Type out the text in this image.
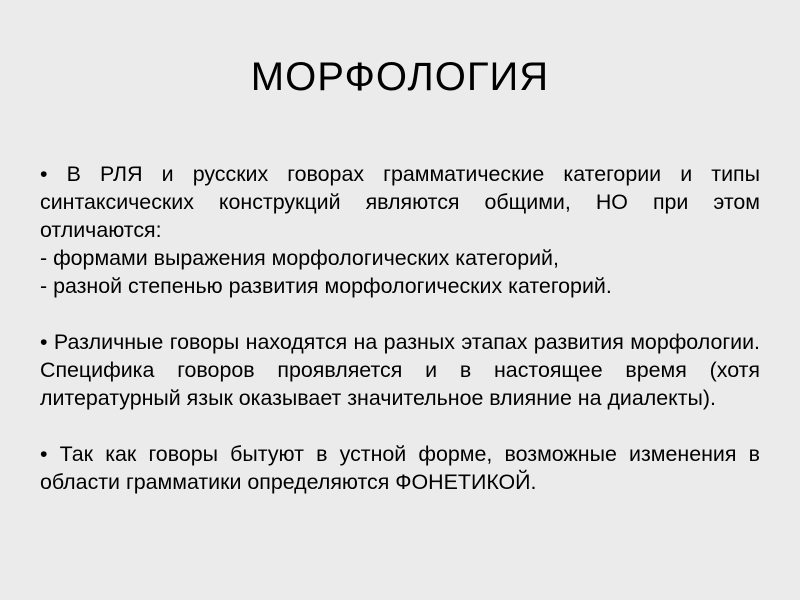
МОРФОЛОГИЯ

• В РЛЯ и русских говорах грамматические категории и типы синтаксических конструкций являются общими, НО при этом отличаются:

- формами выражения морфологических категорий,

- разной степенью развития морфологических категорий.

• Различные говоры находятся на разных этапах развития морфологии. Специфика говоров проявляется и в настоящее время (хотя литературный язык оказывает значительное влияние на диалекты).

• Так как говоры бытуют в устной форме, возможные изменения в области грамматики определяются ФОНЕТИКОЙ.
